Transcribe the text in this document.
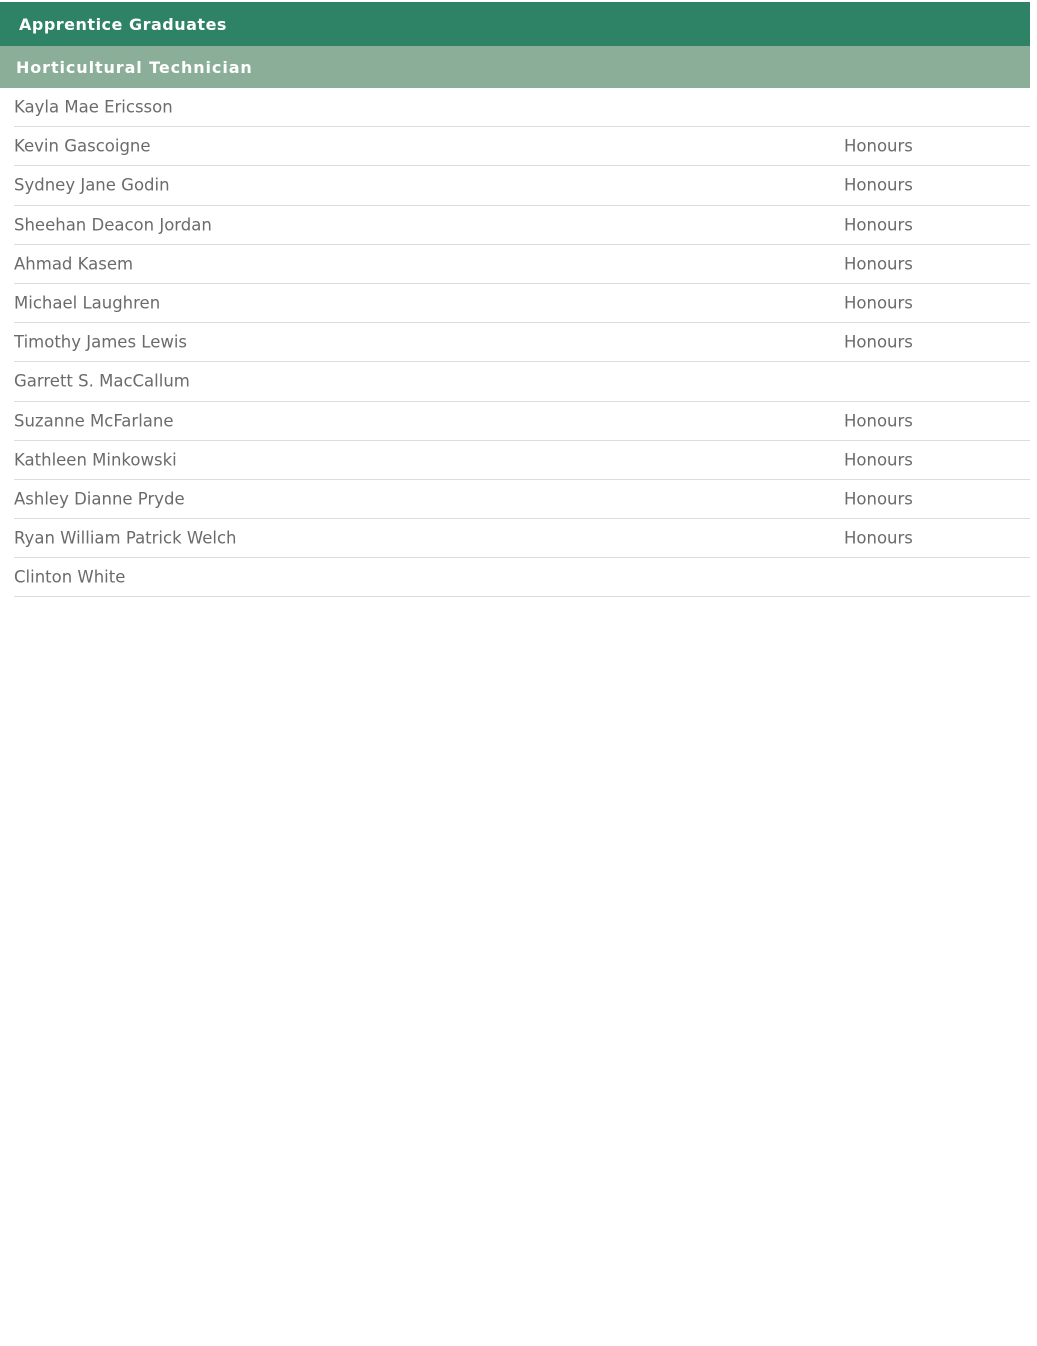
Apprentice Graduates
Horticultural Technician
Kayla Mae Ericsson
Kevin Gascoigne	Honours
Sydney Jane Godin	Honours
Sheehan Deacon Jordan	Honours
Ahmad Kasem	Honours
Michael Laughren	Honours
Timothy James Lewis	Honours
Garrett S. MacCallum
Suzanne McFarlane	Honours
Kathleen Minkowski	Honours
Ashley Dianne Pryde	Honours
Ryan William Patrick Welch	Honours
Clinton White
